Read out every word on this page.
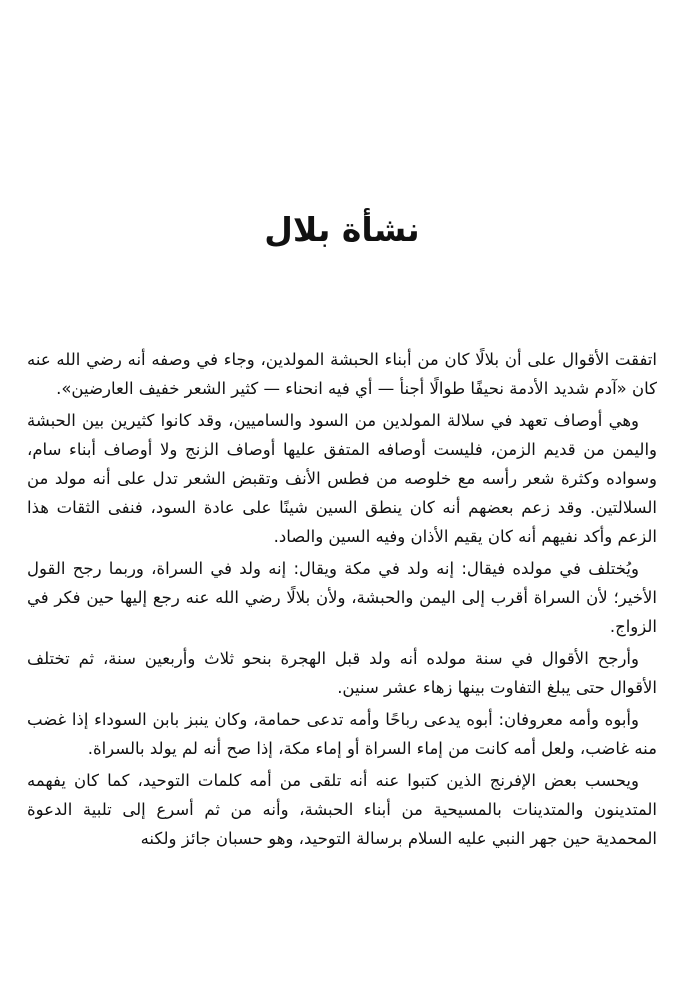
نشأة بلال

اتفقت الأقوال على أن بلالًا كان من أبناء الحبشة المولدين، وجاء في وصفه أنه رضي الله عنه كان «آدم شديد الأدمة نحيفًا طوالًا أجنأ — أي فيه انحناء — كثير الشعر خفيف العارضين».

وهي أوصاف تعهد في سلالة المولدين من السود والساميين، وقد كانوا كثيرين بين الحبشة واليمن من قديم الزمن، فليست أوصافه المتفق عليها أوصاف الزنج ولا أوصاف أبناء سام، وسواده وكثرة شعر رأسه مع خلوصه من فطس الأنف وتقبض الشعر تدل على أنه مولد من السلالتين. وقد زعم بعضهم أنه كان ينطق السين شينًا على عادة السود، فنفى الثقات هذا الزعم وأكد نفيهم أنه كان يقيم الأذان وفيه السين والصاد.

ويُختلف في مولده فيقال: إنه ولد في مكة ويقال: إنه ولد في السراة، وربما رجح القول الأخير؛ لأن السراة أقرب إلى اليمن والحبشة، ولأن بلالًا رضي الله عنه رجع إليها حين فكر في الزواج.

وأرجح الأقوال في سنة مولده أنه ولد قبل الهجرة بنحو ثلاث وأربعين سنة، ثم تختلف الأقوال حتى يبلغ التفاوت بينها زهاء عشر سنين.

وأبوه وأمه معروفان: أبوه يدعى رباحًا وأمه تدعى حمامة، وكان ينبز بابن السوداء إذا غضب منه غاضب، ولعل أمه كانت من إماء السراة أو إماء مكة، إذا صح أنه لم يولد بالسراة.

ويحسب بعض الإفرنج الذين كتبوا عنه أنه تلقى من أمه كلمات التوحيد، كما كان يفهمه المتدينون والمتدينات بالمسيحية من أبناء الحبشة، وأنه من ثم أسرع إلى تلبية الدعوة المحمدية حين جهر النبي عليه السلام برسالة التوحيد، وهو حسبان جائز ولكنه
